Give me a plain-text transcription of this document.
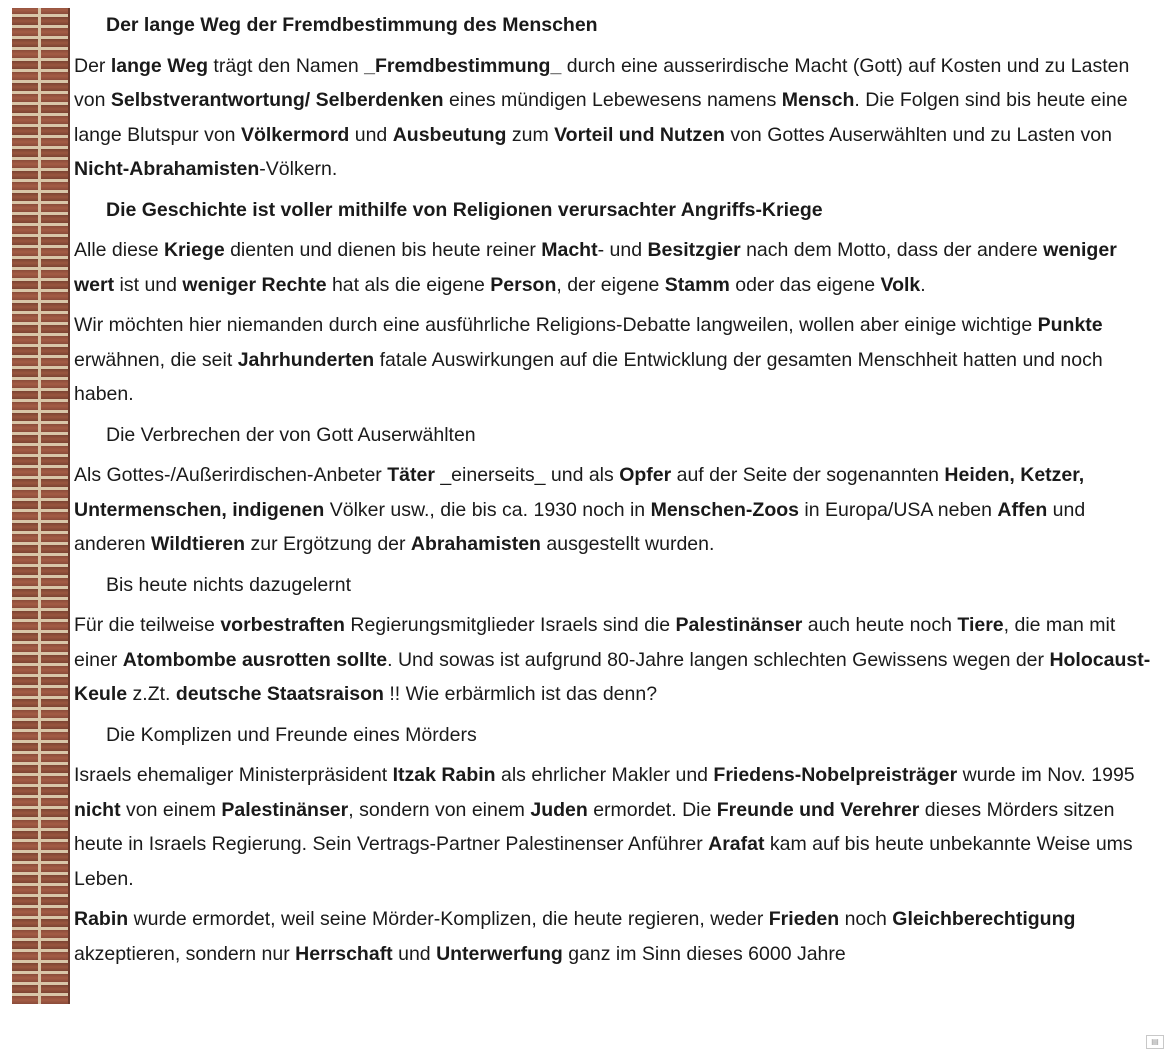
Der lange Weg der Fremdbestimmung des Menschen
Der lange Weg trägt den Namen _Fremdbestimmung_ durch eine ausserirdische Macht (Gott) auf Kosten und zu Lasten von Selbstverantwortung/ Selberdenken eines mündigen Lebewesens namens Mensch. Die Folgen sind bis heute eine lange Blutspur von Völkermord und Ausbeutung zum Vorteil und Nutzen von Gottes Auserwählten und zu Lasten von Nicht-Abrahamisten-Völkern.
Die Geschichte ist voller mithilfe von Religionen verursachter Angriffs-Kriege
Alle diese Kriege dienten und dienen bis heute reiner Macht- und Besitzgier nach dem Motto, dass der andere weniger wert ist und weniger Rechte hat als die eigene Person, der eigene Stamm oder das eigene Volk.
Wir möchten hier niemanden durch eine ausführliche Religions-Debatte langweilen, wollen aber einige wichtige Punkte erwähnen, die seit Jahrhunderten fatale Auswirkungen auf die Entwicklung der gesamten Menschheit hatten und noch haben.
Die Verbrechen der von Gott Auserwählten
Als Gottes-/Außerirdischen-Anbeter Täter _einerseits_ und als Opfer auf der Seite der sogenannten Heiden, Ketzer, Untermenschen, indigenen Völker usw., die bis ca. 1930 noch in Menschen-Zoos in Europa/USA neben Affen und anderen Wildtieren zur Ergötzung der Abrahamisten ausgestellt wurden.
Bis heute nichts dazugelernt
Für die teilweise vorbestraften Regierungsmitglieder Israels sind die Palestinänser auch heute noch Tiere, die man mit einer Atombombe ausrotten sollte. Und sowas ist aufgrund 80-Jahre langen schlechten Gewissens wegen der Holocaust-Keule z.Zt. deutsche Staatsraison !! Wie erbärmlich ist das denn?
Die Komplizen und Freunde eines Mörders
Israels ehemaliger Ministerpräsident Itzak Rabin als ehrlicher Makler und Friedens-Nobelpreisträger wurde im Nov. 1995 nicht von einem Palestinänser, sondern von einem Juden ermordet. Die Freunde und Verehrer dieses Mörders sitzen heute in Israels Regierung. Sein Vertrags-Partner Palestinenser Anführer Arafat kam auf bis heute unbekannte Weise ums Leben.
Rabin wurde ermordet, weil seine Mörder-Komplizen, die heute regieren, weder Frieden noch Gleichberechtigung akzeptieren, sondern nur Herrschaft und Unterwerfung ganz im Sinn dieses 6000 Jahre
▤
